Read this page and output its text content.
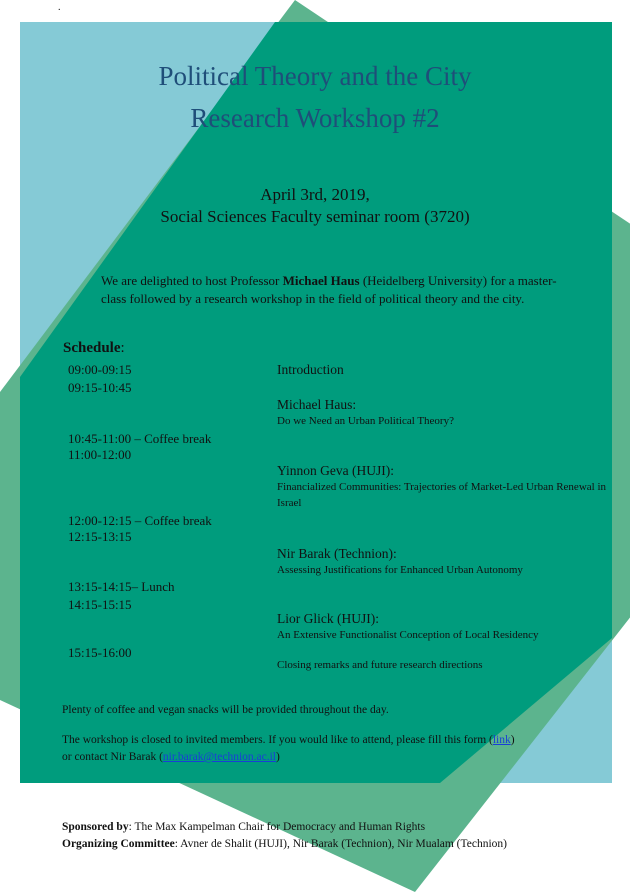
.
Political Theory and the City
Research Workshop #2
April 3rd, 2019,
Social Sciences Faculty seminar room (3720)
We are delighted to host Professor Michael Haus (Heidelberg University) for a master-class followed by a research workshop in the field of political theory and the city.
Schedule:
09:00-09:15
09:15-10:45
10:45-11:00 – Coffee break
11:00-12:00
12:00-12:15 – Coffee break
12:15-13:15
13:15-14:15– Lunch
14:15-15:15
15:15-16:00
Introduction
Michael Haus:
Do we Need an Urban Political Theory?
Yinnon Geva (HUJI):
Financialized Communities: Trajectories of Market-Led Urban Renewal in Israel
Nir Barak (Technion):
Assessing Justifications for Enhanced Urban Autonomy
Lior Glick (HUJI):
An Extensive Functionalist Conception of Local Residency
Closing remarks and future research directions
Plenty of coffee and vegan snacks will be provided throughout the day.
The workshop is closed to invited members. If you would like to attend, please fill this form (link)
or contact Nir Barak (nir.barak@technion.ac.il)
Sponsored by: The Max Kampelman Chair for Democracy and Human Rights
Organizing Committee: Avner de Shalit (HUJI), Nir Barak (Technion), Nir Mualam (Technion)
